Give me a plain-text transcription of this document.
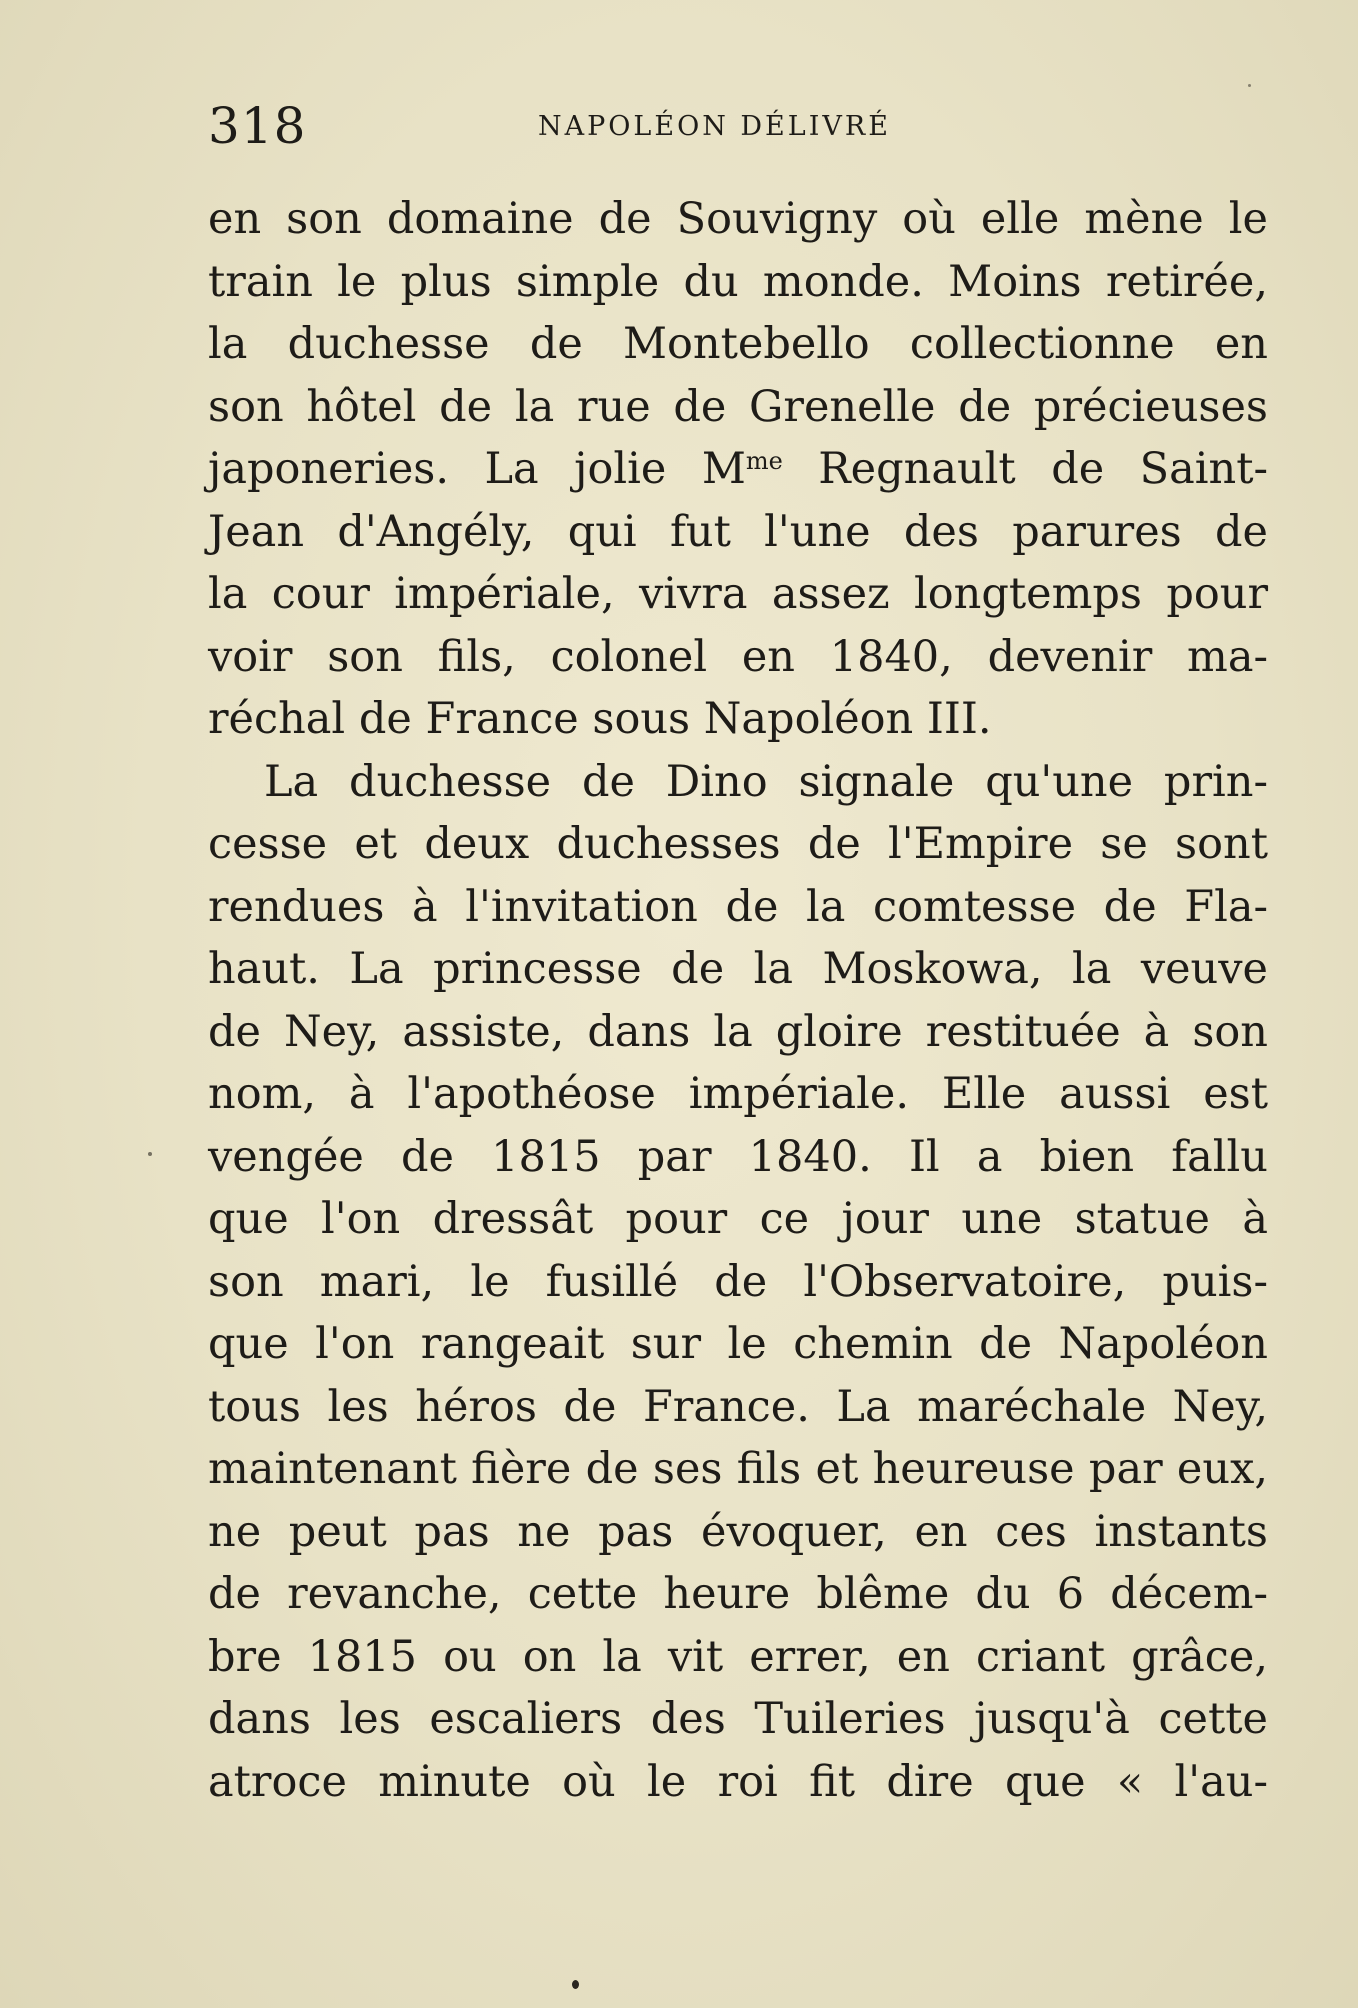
318	NAPOLÉON DÉLIVRÉ
en son domaine de Souvigny où elle mène le
train le plus simple du monde. Moins retirée,
la duchesse de Montebello collectionne en
son hôtel de la rue de Grenelle de précieuses
japoneries. La jolie $M^{me}$ Regnault de Saint-
Jean d'Angély, qui fut l'une des parures de
la cour impériale, vivra assez longtemps pour
voir son fils, colonel en 1840, devenir ma-
réchal de France sous Napoléon III.
La duchesse de Dino signale qu'une prin-
cesse et deux duchesses de l'Empire se sont
rendues à l'invitation de la comtesse de Fla-
haut. La princesse de la Moskowa, la veuve
de Ney, assiste, dans la gloire restituée à son
nom, à l'apothéose impériale. Elle aussi est
vengée de 1815 par 1840. Il a bien fallu
que l'on dressât pour ce jour une statue à
son mari, le fusillé de l'Observatoire, puis-
que l'on rangeait sur le chemin de Napoléon
tous les héros de France. La maréchale Ney,
maintenant fière de ses fils et heureuse par eux,
ne peut pas ne pas évoquer, en ces instants
de revanche, cette heure blême du 6 décem-
bre 1815 ou on la vit errer, en criant grâce,
dans les escaliers des Tuileries jusqu'à cette
atroce minute où le roi fit dire que « l'au-
